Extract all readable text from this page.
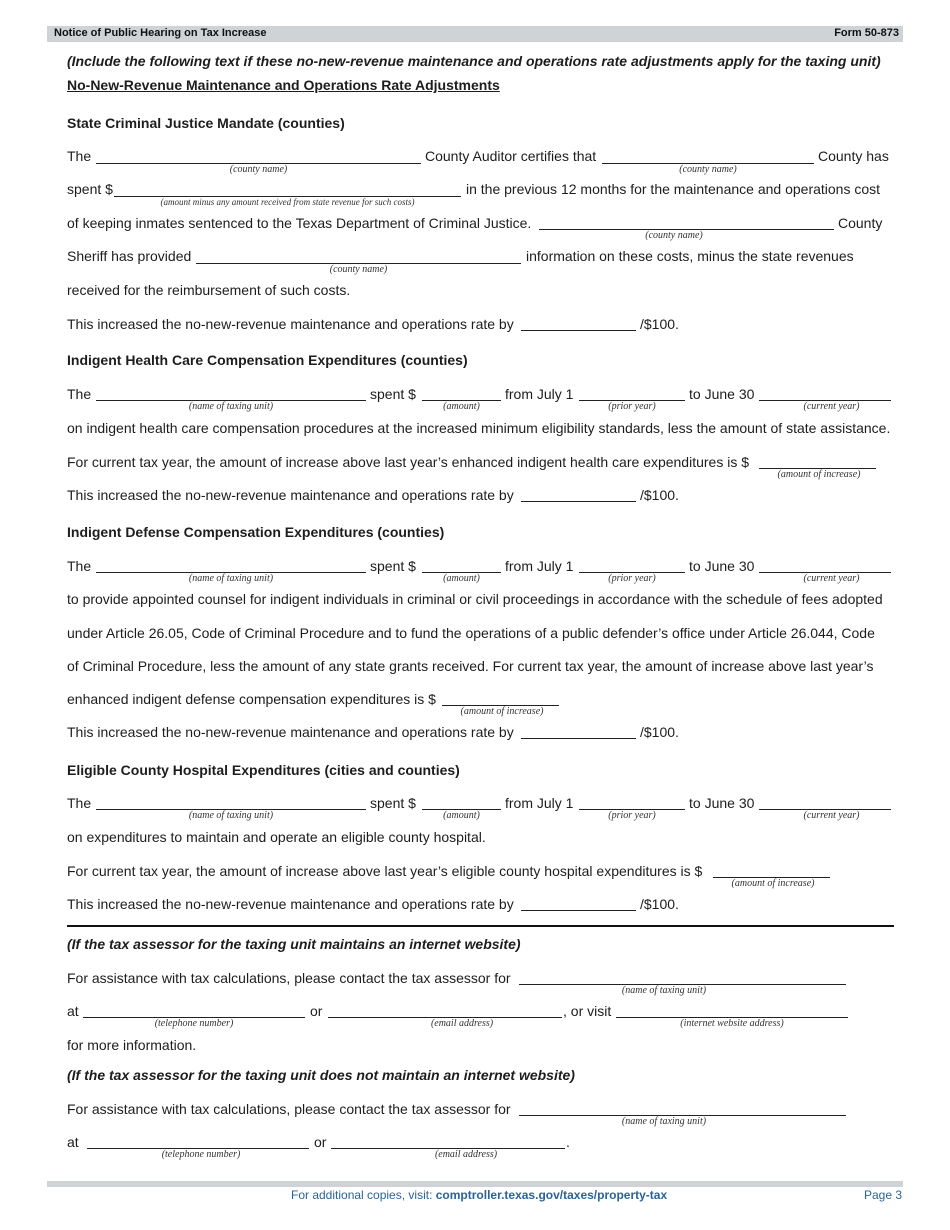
Notice of Public Hearing on Tax Increase	Form 50-873
(Include the following text if these no-new-revenue maintenance and operations rate adjustments apply for the taxing unit)
No-New-Revenue Maintenance and Operations Rate Adjustments
State Criminal Justice Mandate (counties)
The
(county name)
County Auditor certifies that
(county name)
County has
spent $
(amount minus any amount received from state revenue for such costs)
in the previous 12 months for the maintenance and operations cost
of keeping inmates sentenced to the Texas Department of Criminal Justice.
(county name)
County
Sheriff has provided
(county name)
information on these costs, minus the state revenues
received for the reimbursement of such costs.
This increased the no-new-revenue maintenance and operations rate by	/$100.
Indigent Health Care Compensation Expenditures (counties)
The
(name of taxing unit)
spent $
(amount)
from July 1
(prior year)
to June 30
(current year)
on indigent health care compensation procedures at the increased minimum eligibility standards, less the amount of state assistance.
For current tax year, the amount of increase above last year’s enhanced indigent health care expenditures is $
(amount of increase)
This increased the no-new-revenue maintenance and operations rate by	/$100.
Indigent Defense Compensation Expenditures (counties)
The
(name of taxing unit)
spent $
(amount)
from July 1
(prior year)
to June 30
(current year)
to provide appointed counsel for indigent individuals in criminal or civil proceedings in accordance with the schedule of fees adopted
under Article 26.05, Code of Criminal Procedure and to fund the operations of a public defender’s office under Article 26.044, Code
of Criminal Procedure, less the amount of any state grants received. For current tax year, the amount of increase above last year’s
enhanced indigent defense compensation expenditures is $
(amount of increase)
This increased the no-new-revenue maintenance and operations rate by	/$100.
Eligible County Hospital Expenditures (cities and counties)
The
(name of taxing unit)
spent $
(amount)
from July 1
(prior year)
to June 30
(current year)
on expenditures to maintain and operate an eligible county hospital.
For current tax year, the amount of increase above last year’s eligible county hospital expenditures is $
(amount of increase)
This increased the no-new-revenue maintenance and operations rate by	/$100.
(If the tax assessor for the taxing unit maintains an internet website)
For assistance with tax calculations, please contact the tax assessor for
(name of taxing unit)
at
(telephone number)
or
(email address)
, or visit
(internet website address)
for more information.
(If the tax assessor for the taxing unit does not maintain an internet website)
For assistance with tax calculations, please contact the tax assessor for
(name of taxing unit)
at
(telephone number)
or
(email address)
.
For additional copies, visit: comptroller.texas.gov/taxes/property-tax	Page 3
